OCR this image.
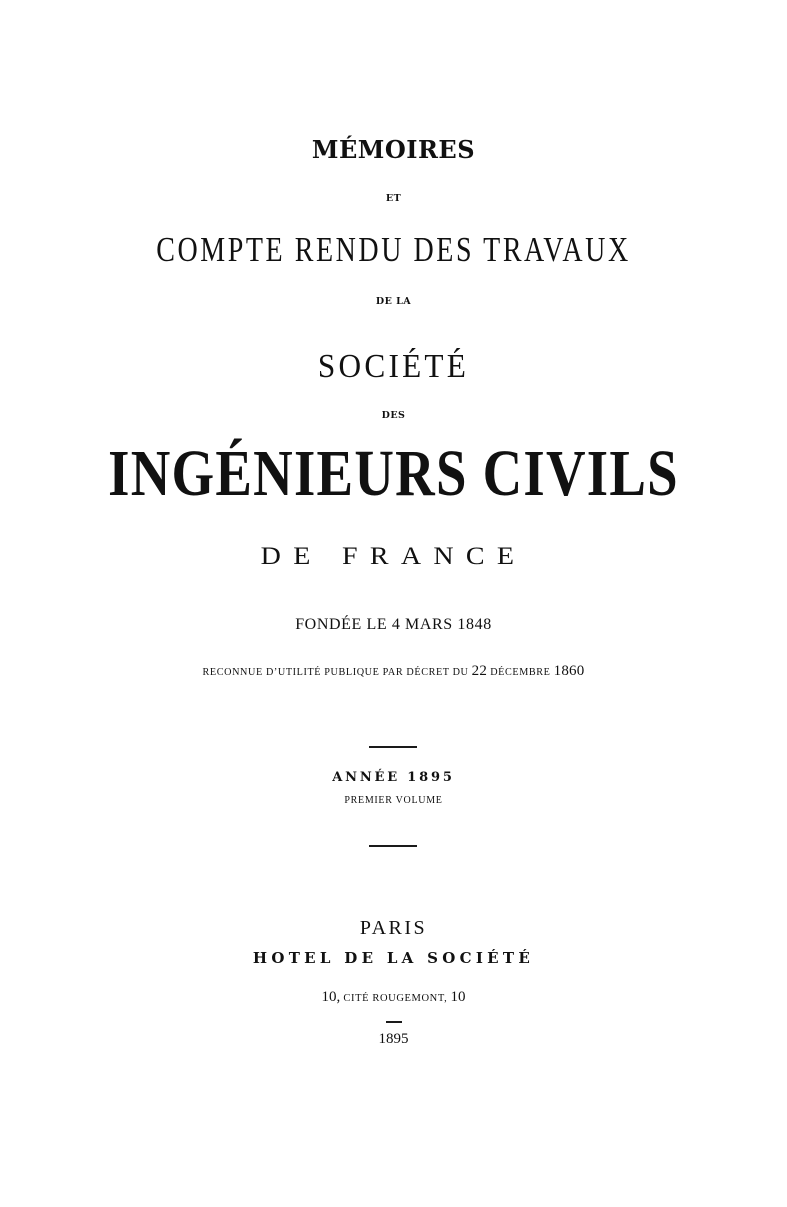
MÉMOIRES
ET
COMPTE RENDU DES TRAVAUX
DE LA
SOCIÉTÉ
DES
INGÉNIEURS CIVILS
DE FRANCE
FONDÉE LE 4 MARS 1848
RECONNUE D’UTILITÉ PUBLIQUE PAR DÉCRET DU 22 DÉCEMBRE 1860
ANNÉE 1895
PREMIER VOLUME
PARIS
HOTEL DE LA SOCIÉTÉ
10, CITÉ ROUGEMONT, 10
1895
